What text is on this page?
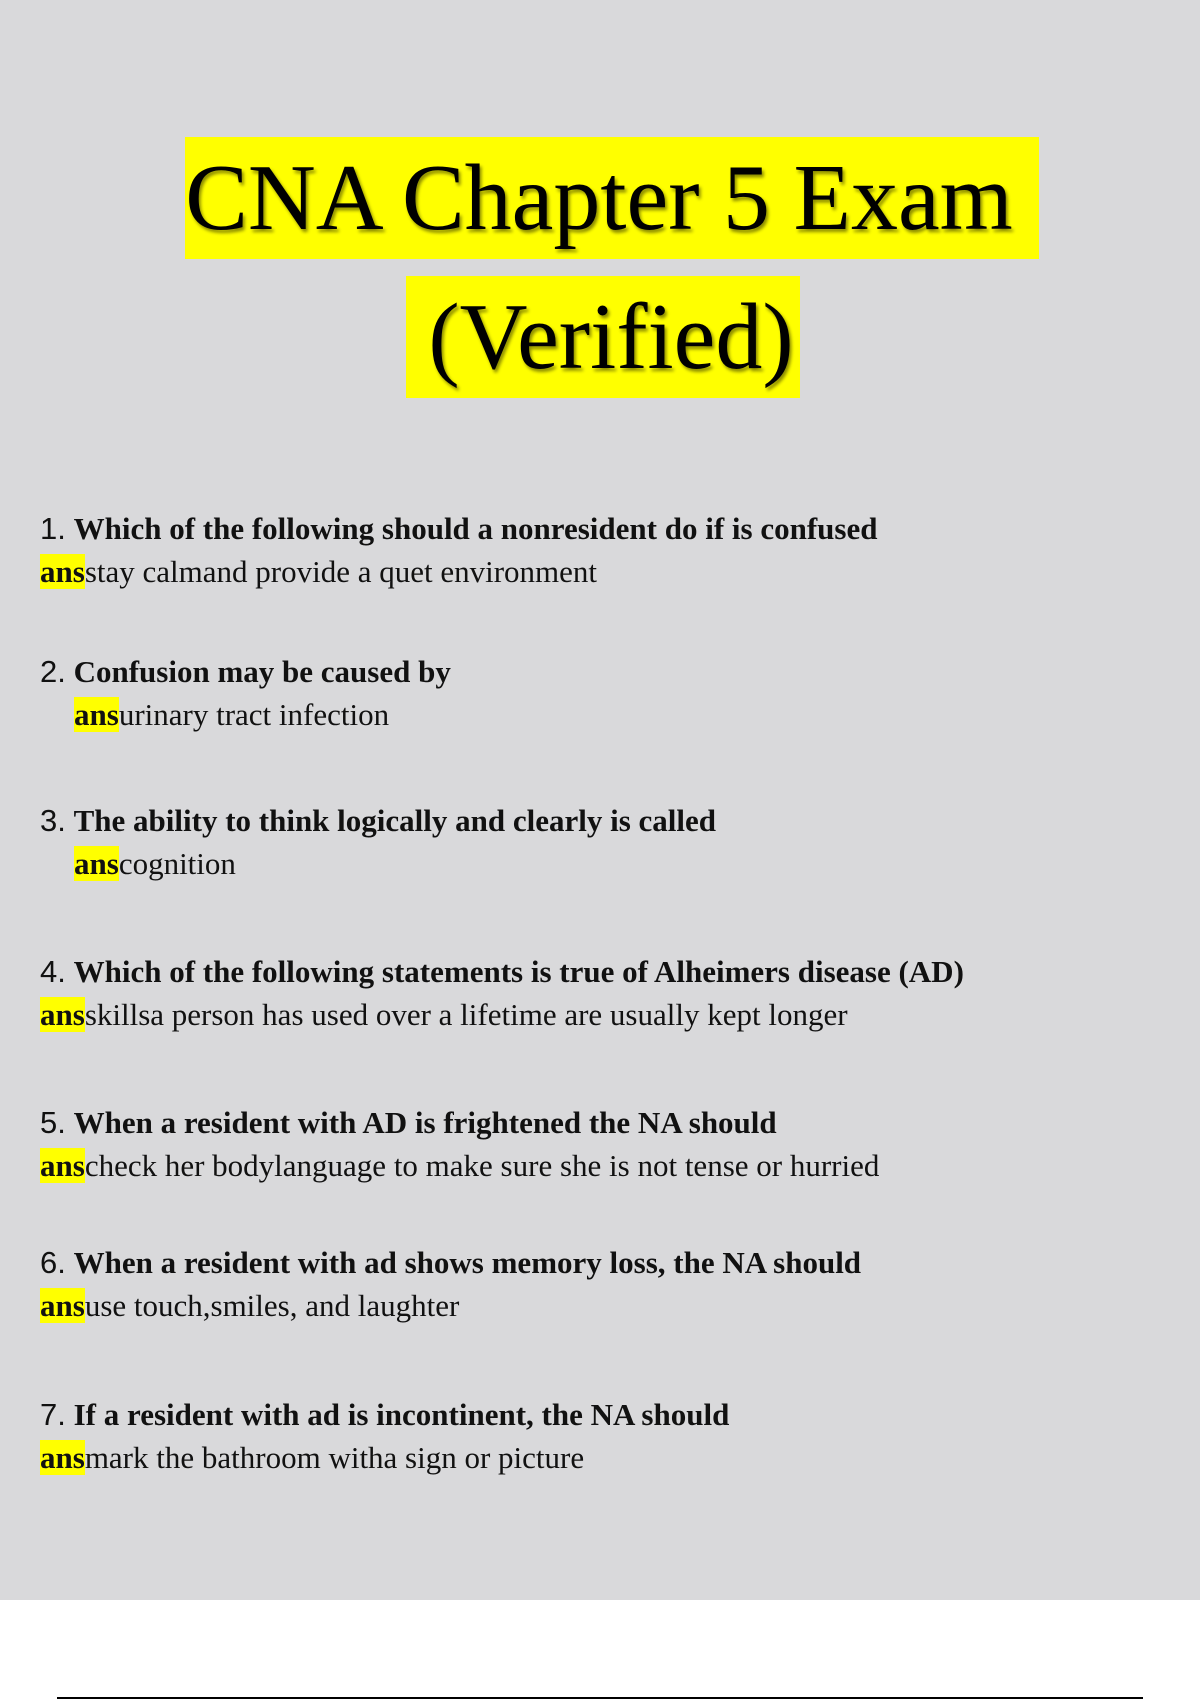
CNA Chapter 5 Exam
(Verified)
1. Which of the following should a nonresident do if is confused
ansstay calmand provide a quet environment
2. Confusion may be caused by
ansurinary tract infection
3. The ability to think logically and clearly is called
anscognition
4. Which of the following statements is true of Alheimers disease (AD)
ansskillsa person has used over a lifetime are usually kept longer
5. When a resident with AD is frightened the NA should
anscheck her bodylanguage to make sure she is not tense or hurried
6. When a resident with ad shows memory loss, the NA should
ansuse touch,smiles, and laughter
7. If a resident with ad is incontinent, the NA should
ansmark the bathroom witha sign or picture
